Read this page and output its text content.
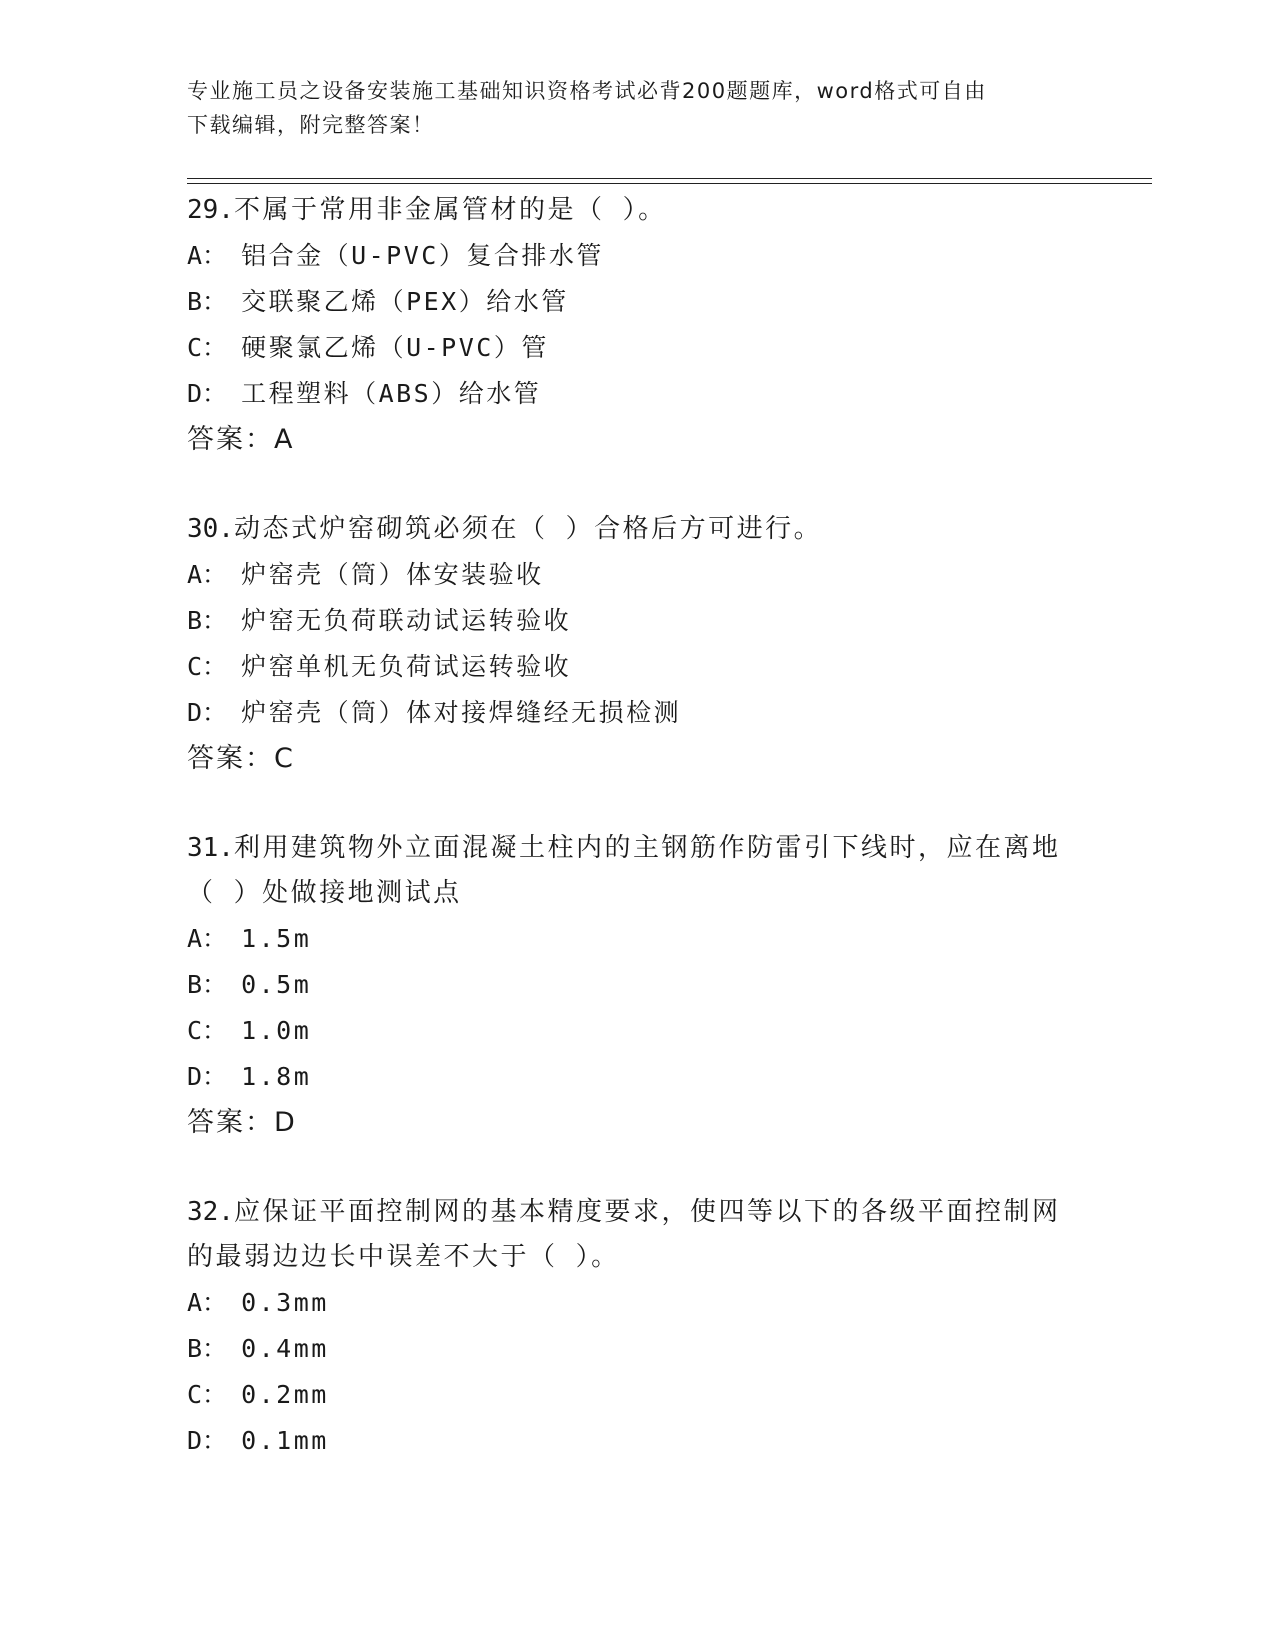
专业施工员之设备安装施工基础知识资格考试必背200题题库，word格式可自由
下载编辑，附完整答案！

29.不属于常用非金属管材的是（ ）。

A： 铝合金（U-PVC）复合排水管

B： 交联聚乙烯（PEX）给水管

C： 硬聚氯乙烯（U-PVC）管

D： 工程塑料（ABS）给水管

答案：A

30.动态式炉窑砌筑必须在（ ）合格后方可进行。

A： 炉窑壳（筒）体安装验收

B： 炉窑无负荷联动试运转验收

C： 炉窑单机无负荷试运转验收

D： 炉窑壳（筒）体对接焊缝经无损检测

答案：C

31.利用建筑物外立面混凝土柱内的主钢筋作防雷引下线时，应在离地（ ）处做接地测试点

A： 1.5m

B： 0.5m

C： 1.0m

D： 1.8m

答案：D

32.应保证平面控制网的基本精度要求，使四等以下的各级平面控制网的最弱边边长中误差不大于（ ）。

A： 0.3mm

B： 0.4mm

C： 0.2mm

D： 0.1mm
